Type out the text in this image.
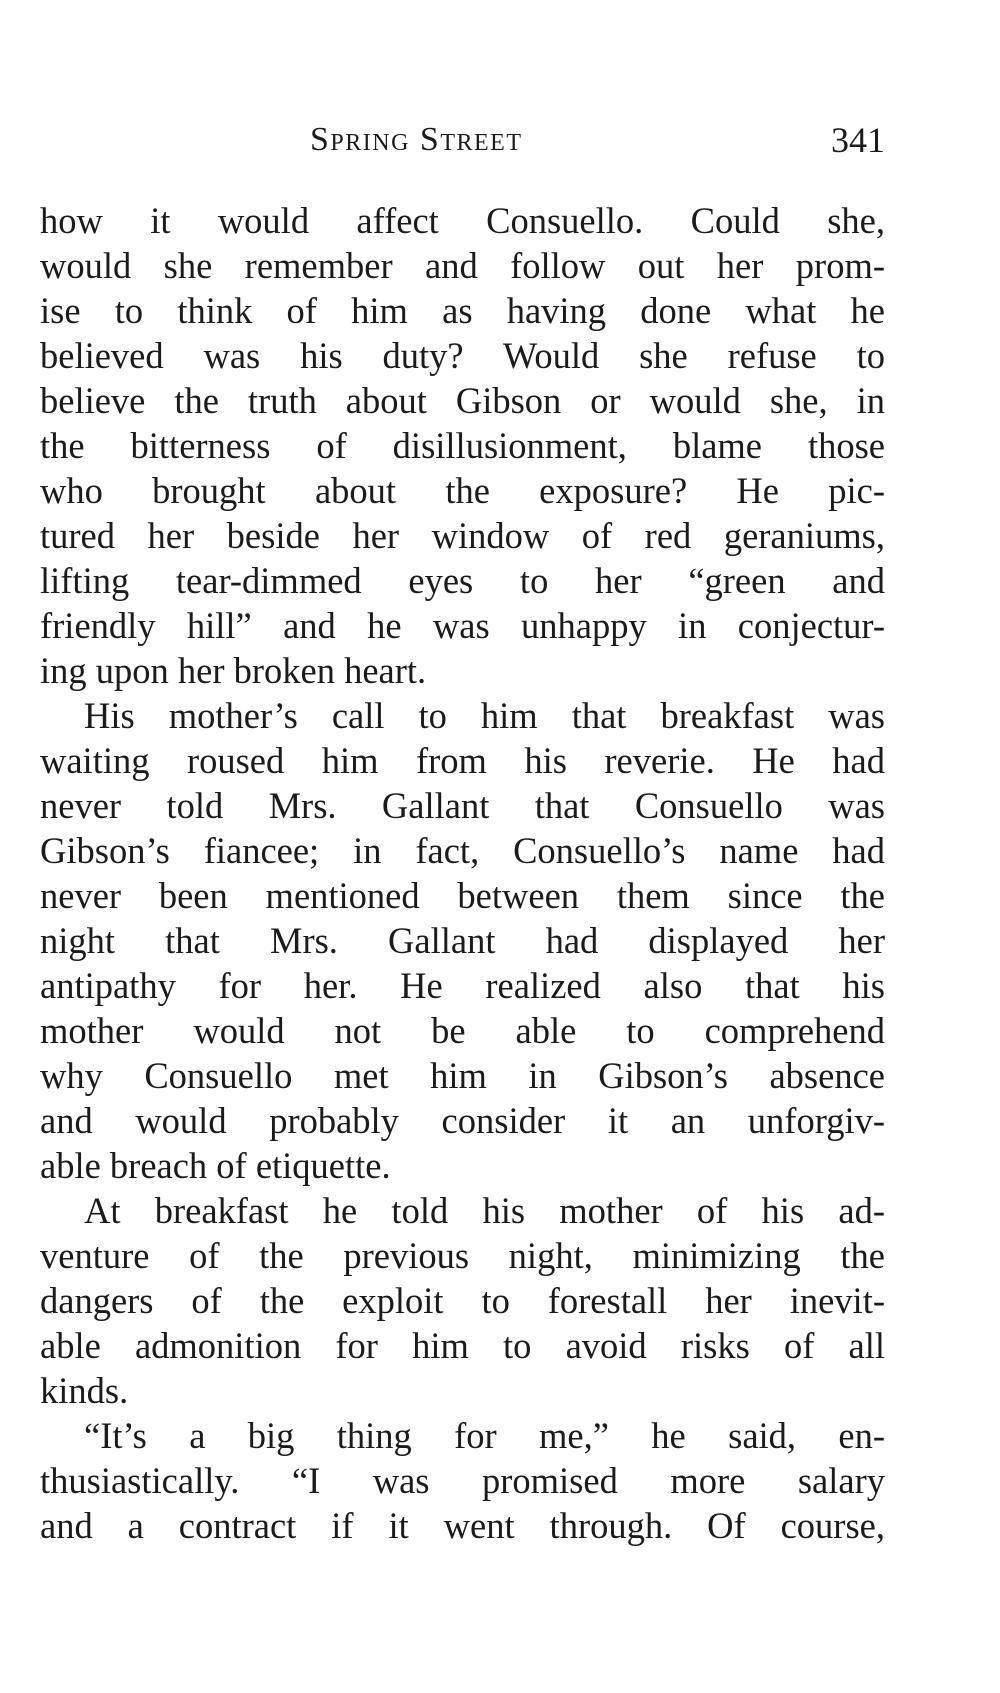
Spring Street	341
how it would affect Consuello. Could she,
would she remember and follow out her prom-
ise to think of him as having done what he
believed was his duty? Would she refuse to
believe the truth about Gibson or would she, in
the bitterness of disillusionment, blame those
who brought about the exposure? He pic-
tured her beside her window of red geraniums,
lifting tear-dimmed eyes to her “green and
friendly hill” and he was unhappy in conjectur-
ing upon her broken heart.
His mother’s call to him that breakfast was
waiting roused him from his reverie. He had
never told Mrs. Gallant that Consuello was
Gibson’s fiancee; in fact, Consuello’s name had
never been mentioned between them since the
night that Mrs. Gallant had displayed her
antipathy for her. He realized also that his
mother would not be able to comprehend
why Consuello met him in Gibson’s absence
and would probably consider it an unforgiv-
able breach of etiquette.
At breakfast he told his mother of his ad-
venture of the previous night, minimizing the
dangers of the exploit to forestall her inevit-
able admonition for him to avoid risks of all
kinds.
“It’s a big thing for me,” he said, en-
thusiastically. “I was promised more salary
and a contract if it went through. Of course,
